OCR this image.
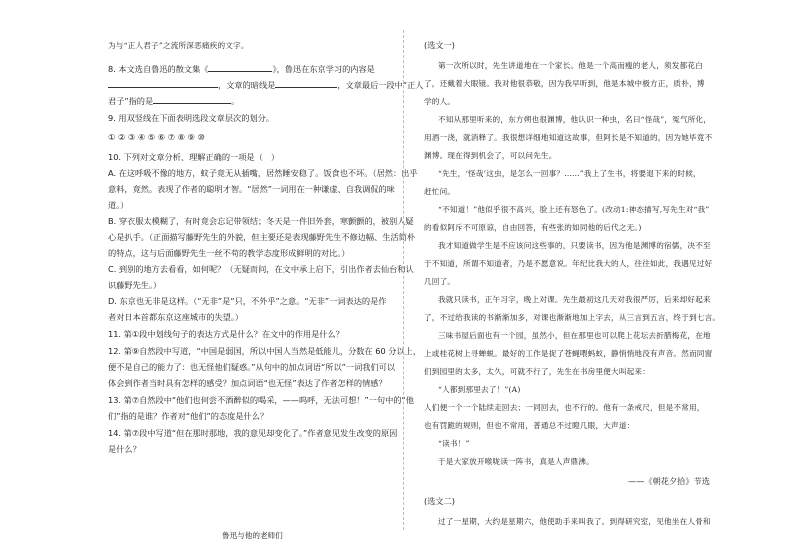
为与“正人君子”之流所深恶痛疾的文字。
8. 本文选自鲁迅的散文集《	》，鲁迅在东京学习的内容是
，文章的暗线是	，文章最后一段中“正人
君子”指的是	。
9. 用双竖线在下面表明选段文章层次的划分。
① ② ③ ④ ⑤ ⑥ ⑦ ⑧ ⑨ ⑩
10. 下列对文章分析、理解正确的一项是（　）
A. 在这呼吸不像的地方，蚊子竟无从插嘴，居然睡安稳了。饭食也不坏。（居然：出乎
意料，竟然。表现了作者的聪明才智。“居然”一词用在一种谦虚、自我调侃的味
道。）
B. 穿衣服太模糊了，有时竟会忘记带领结；冬天是一件旧外套，寒颤颤的，被别人疑
心是扒手。（正面描写藤野先生的外貌，但主要还是表现藤野先生不修边幅、生活简朴
的特点，这与后面藤野先生一丝不苟的教学态度形成鲜明的对比。）
C. 到别的地方去看看，如何呢？（无疑而问，在文中承上启下，引出作者去仙台和认
识藤野先生。）
D. 东京也无非是这样。（“无非”是“只，不外乎”之意。“无非”一词表达的是作
者对日本首都东京这座城市的失望。）
11. 第①段中划线句子的表达方式是什么？在文中的作用是什么？
12. 第⑨自然段中写道，“中国是弱国，所以中国人当然是低能儿，分数在 60 分以上，
便不是自己的能力了：也无怪他们疑惑。”从句中的加点词语“所以”一词我们可以
体会到作者当时具有怎样的感受？加点词语“也无怪”表达了作者怎样的情感？
13. 第⑦自然段中“他们也何尝不酒醉似的喝采，——呜呼，无法可想！”一句中的“他
们”指的是谁？作者对“他们”的态度是什么？
14. 第⑦段中写道“但在那时那地，我的意见却变化了。”作者意见发生改变的原因
是什么？
鲁迅与他的老师们
(选文一)
第一次所以时，先生讲道地在一个家长。他是一个高而瘦的老人，须发都花白
了，还戴着大眼镜。我对他很恭敬，因为我早听到，他是本城中极方正，质朴，博
学的人。
不知从那里听来的，东方朔也很渊博，他认识一种虫，名曰“怪哉”，冤气所化，
用酒一浇，就消释了。我很想详细地知道这故事，但阿长是不知道的，因为她毕竟不
渊博。现在得到机会了，可以问先生。
“先生，‘怪哉’这虫，是怎么一回事？……”我上了生书，将要退下来的时候，
赶忙问。
“不知道！”他似乎很不高兴，脸上还有怒色了。(改动1:神态描写,写先生对“我”
的看似阿斥不可原谅，自由回答，有些张的如同他的后代之无。)
我才知道做学生是不应该问这些事的，只要读书，因为他是渊博的宿儒，决不至
于不知道，所谓不知道者，乃是不愿意说。年纪比我大的人，往往如此，我遇见过好
几回了。
我就只读书，正午习字，晚上对课。先生最初这几天对我很严厉，后来却好起来
了，不过给我读的书渐渐加多，对课也渐渐地加上字去，从三言到五言，终于到七言。
三味书屋后面也有一个园，虽然小，但在那里也可以爬上花坛去折腊梅花，在地
上或桂花树上寻蝉蜕。最好的工作是捉了苍蝇喂蚂蚁，静悄悄地没有声音。然而同窗
们到园里的太多，太久，可就不行了，先生在书房里便大叫起来：
“人都到那里去了！”(A)
人们便一个一个陆续走回去；一同回去，也不行的。他有一条戒尺，但是不常用，
也有罚跪的规则，但也不常用，普通总不过瞪几眼，大声道：
“读书！”
于是大家放开喉咙读一阵书，真是人声鼎沸。
——《朝花夕拾》节选
(选文二)
过了一星期，大约是星期六，他使助手来叫我了。到得研究室，见他坐在人骨和
